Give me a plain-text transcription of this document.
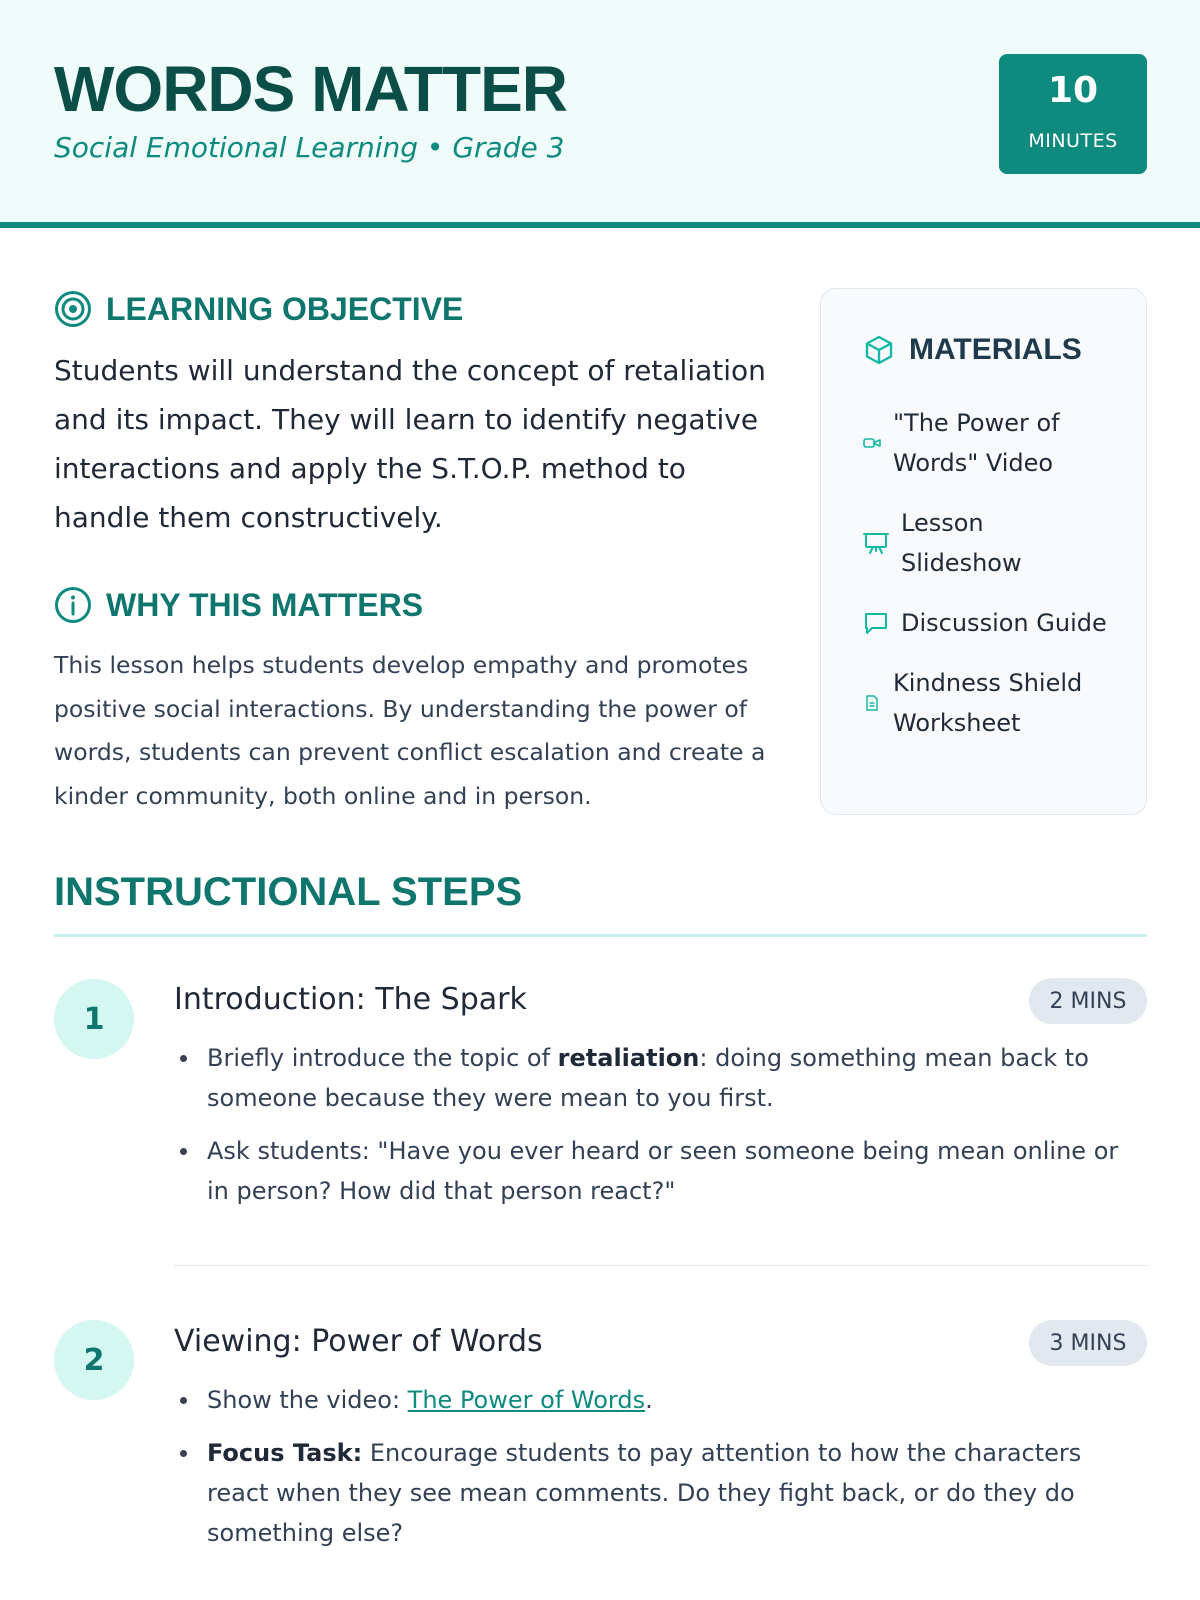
WORDS MATTER
Social Emotional Learning • Grade 3
10
MINUTES
LEARNING OBJECTIVE
Students will understand the concept of retaliation and its impact. They will learn to identify negative interactions and apply the S.T.O.P. method to handle them constructively.
WHY THIS MATTERS
This lesson helps students develop empathy and promotes positive social interactions. By understanding the power of words, students can prevent conflict escalation and create a kinder community, both online and in person.
MATERIALS
"The Power of Words" Video
Lesson Slideshow
Discussion Guide
Kindness Shield Worksheet
INSTRUCTIONAL STEPS
1
Introduction: The Spark	2 MINS
Briefly introduce the topic of retaliation: doing something mean back to someone because they were mean to you first.
Ask students: "Have you ever heard or seen someone being mean online or in person? How did that person react?"
2
Viewing: Power of Words	3 MINS
Show the video: The Power of Words.
Focus Task: Encourage students to pay attention to how the characters react when they see mean comments. Do they fight back, or do they do something else?
